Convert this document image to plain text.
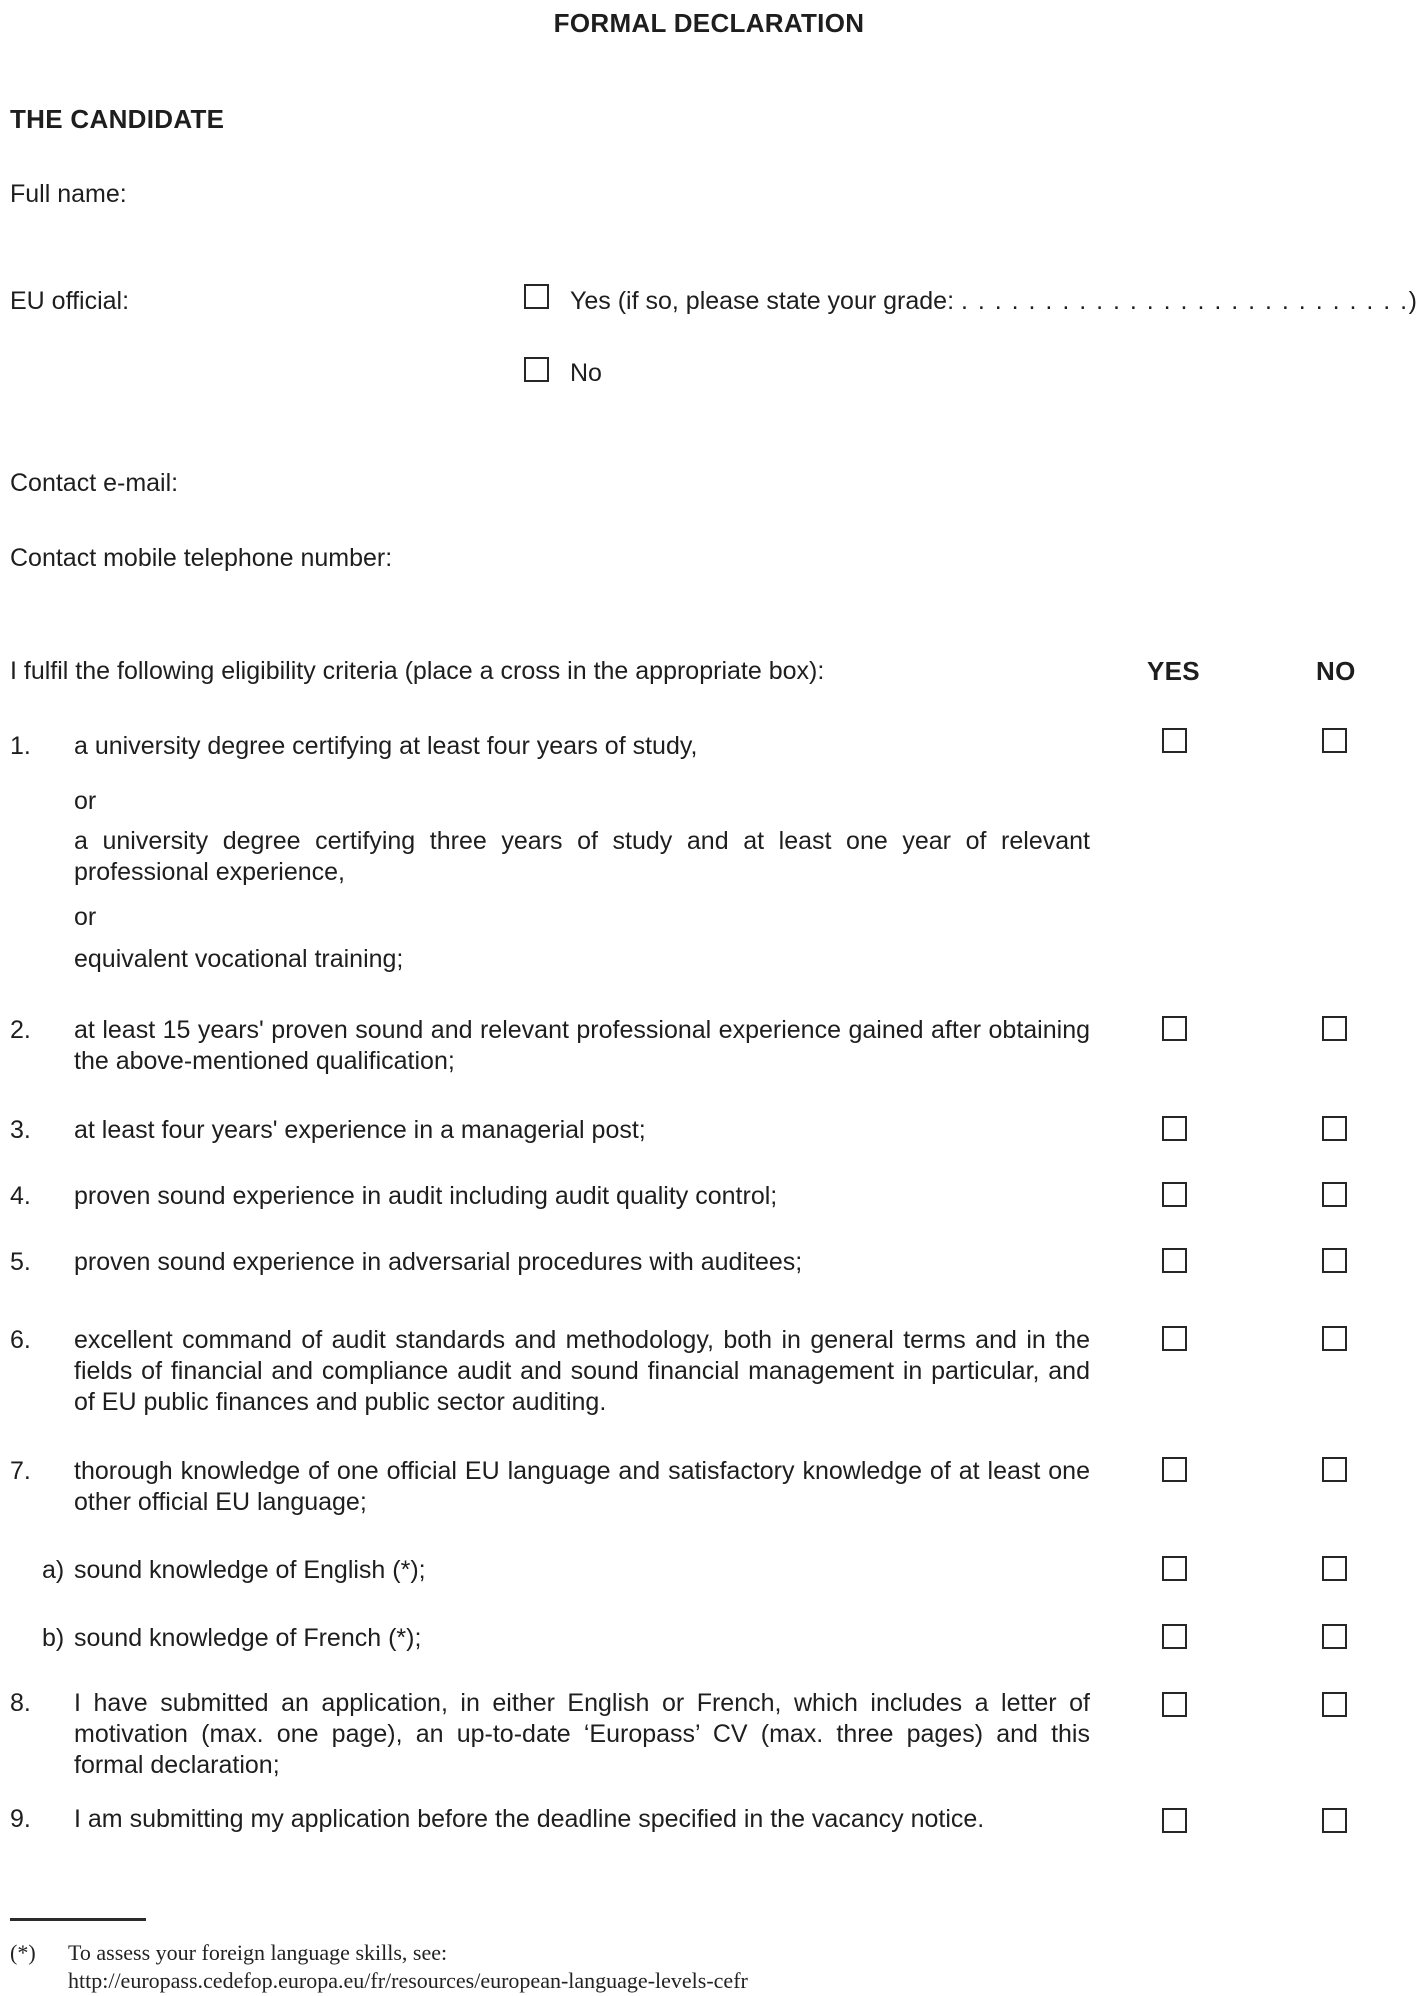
FORMAL DECLARATION
THE CANDIDATE
Full name:
EU official:	Yes (if so, please state your grade: . . . . . . . . . . . . . . . . . . . . . . . . . . .)
No
Contact e-mail:
Contact mobile telephone number:
I fulfil the following eligibility criteria (place a cross in the appropriate box):	YES	NO
1. a university degree certifying at least four years of study,
or
a university degree certifying three years of study and at least one year of relevant professional experience,
or
equivalent vocational training;
2. at least 15 years' proven sound and relevant professional experience gained after obtaining the above-mentioned qualification;
3. at least four years' experience in a managerial post;
4. proven sound experience in audit including audit quality control;
5. proven sound experience in adversarial procedures with auditees;
6. excellent command of audit standards and methodology, both in general terms and in the fields of financial and compliance audit and sound financial management in particular, and of EU public finances and public sector auditing.
7. thorough knowledge of one official EU language and satisfactory knowledge of at least one other official EU language;
a) sound knowledge of English (*);
b) sound knowledge of French (*);
8. I have submitted an application, in either English or French, which includes a letter of motivation (max. one page), an up-to-date ‘Europass’ CV (max. three pages) and this formal declaration;
9. I am submitting my application before the deadline specified in the vacancy notice.
(*) To assess your foreign language skills, see:
http://europass.cedefop.europa.eu/fr/resources/european-language-levels-cefr
